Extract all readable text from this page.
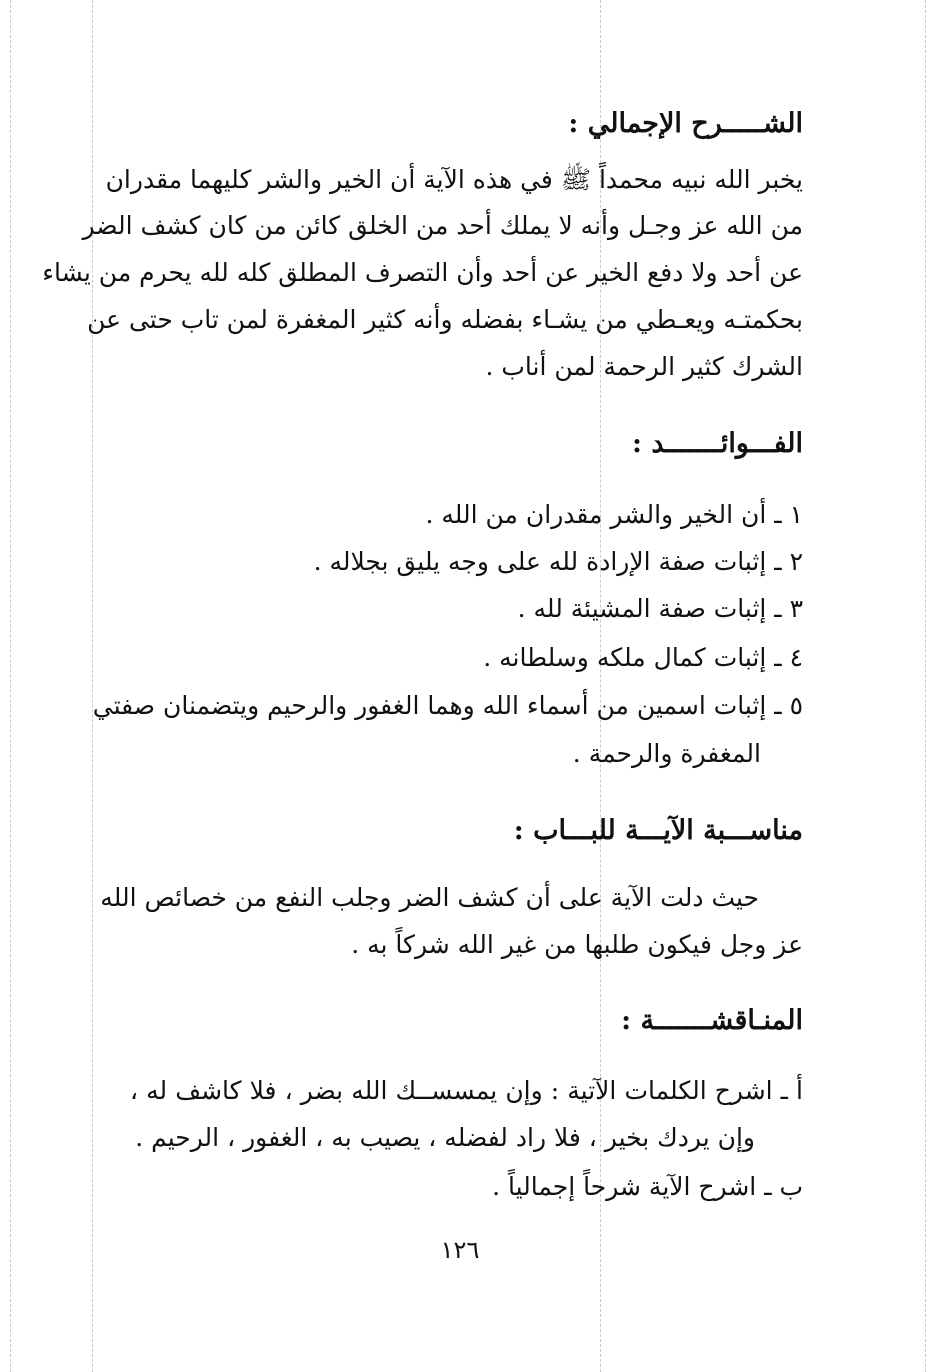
الشـــــرح الإجمالي :
يخبر الله نبيه محمداً ﷺ في هذه الآية أن الخير والشر كليهما مقدران
من الله عز وجـل وأنه لا يملك أحد من الخلق كائن من كان كشف الضر
عن أحد ولا دفع الخير عن أحد وأن التصرف المطلق كله لله يحرم من يشاء
بحكمتـه ويعـطي من يشـاء بفضله وأنه كثير المغفرة لمن تاب حتى عن
الشرك كثير الرحمة لمن أناب .
الفـــوائـــــــد :
١ ـ أن الخير والشر مقدران من الله .
٢ ـ إثبات صفة الإرادة لله على وجه يليق بجلاله .
٣ ـ إثبات صفة المشيئة لله .
٤ ـ إثبات كمال ملكه وسلطانه .
٥ ـ إثبات اسمين من أسماء الله وهما الغفور والرحيم ويتضمنان صفتي
المغفرة والرحمة .
مناســـبة الآيـــة للبـــاب :
حيث دلت الآية على أن كشف الضر وجلب النفع من خصائص الله
عز وجل فيكون طلبها من غير الله شركاً به .
المنـاقشـــــــة :
أ ـ اشرح الكلمات الآتية : وإن يمسســك الله بضر ، فلا كاشف له ،
وإن يردك بخير ، فلا راد لفضله ، يصيب به ، الغفور ، الرحيم .
ب ـ اشرح الآية شرحاً إجمالياً .
١٢٦
